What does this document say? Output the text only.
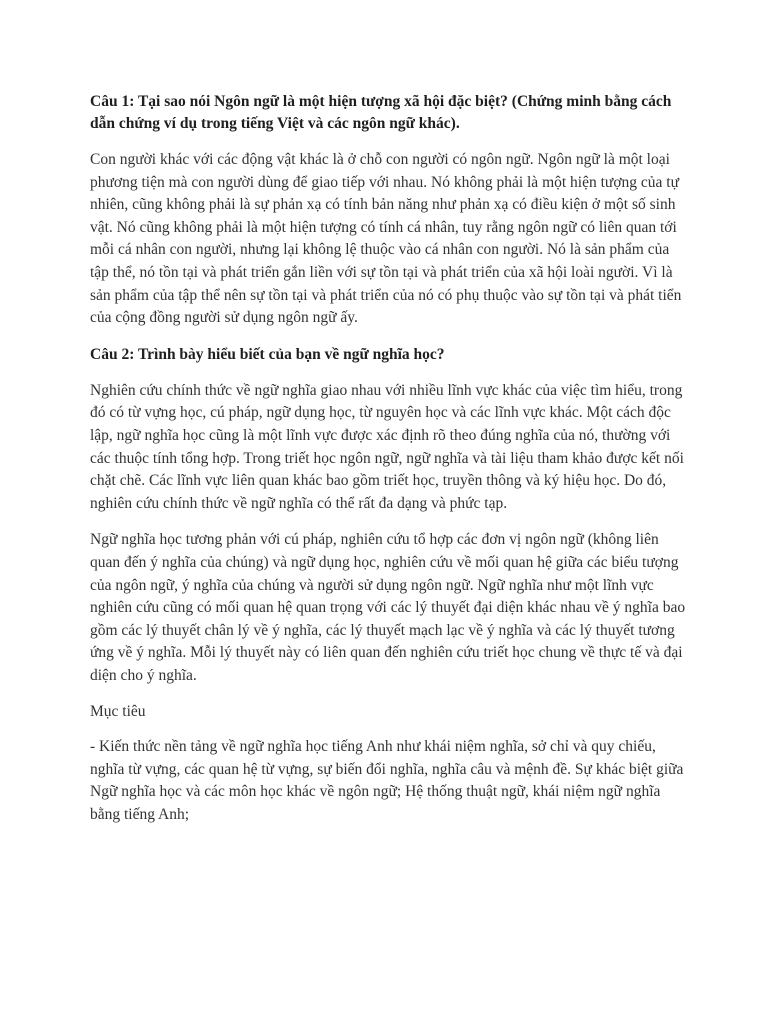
Câu 1: Tại sao nói Ngôn ngữ là một hiện tượng xã hội đặc biệt? (Chứng minh bằng cách dẫn chứng ví dụ trong tiếng Việt và các ngôn ngữ khác).

Con người khác với các động vật khác là ở chỗ con người có ngôn ngữ. Ngôn ngữ là một loại phương tiện mà con người dùng để giao tiếp với nhau. Nó không phải là một hiện tượng của tự nhiên, cũng không phải là sự phản xạ có tính bản năng như phản xạ có điều kiện ở một số sinh vật. Nó cũng không phải là một hiện tượng có tính cá nhân, tuy rằng ngôn ngữ có liên quan tới mỗi cá nhân con người, nhưng lại không lệ thuộc vào cá nhân con người. Nó là sản phẩm của tập thể, nó tồn tại và phát triển gắn liền với sự tồn tại và phát triển của xã hội loài người. Vì là sản phẩm của tập thể nên sự tồn tại và phát triển của nó có phụ thuộc vào sự tồn tại và phát tiển của cộng đồng người sử dụng ngôn ngữ ấy.

Câu 2: Trình bày hiểu biết của bạn về ngữ nghĩa học?

Nghiên cứu chính thức về ngữ nghĩa giao nhau với nhiều lĩnh vực khác của việc tìm hiểu, trong đó có từ vựng học, cú pháp, ngữ dụng học, từ nguyên học và các lĩnh vực khác. Một cách độc lập, ngữ nghĩa học cũng là một lĩnh vực được xác định rõ theo đúng nghĩa của nó, thường với các thuộc tính tổng hợp. Trong triết học ngôn ngữ, ngữ nghĩa và tài liệu tham khảo được kết nối chặt chẽ. Các lĩnh vực liên quan khác bao gồm triết học, truyền thông và ký hiệu học. Do đó, nghiên cứu chính thức về ngữ nghĩa có thể rất đa dạng và phức tạp.

Ngữ nghĩa học tương phản với cú pháp, nghiên cứu tổ hợp các đơn vị ngôn ngữ (không liên quan đến ý nghĩa của chúng) và ngữ dụng học, nghiên cứu về mối quan hệ giữa các biểu tượng của ngôn ngữ, ý nghĩa của chúng và người sử dụng ngôn ngữ. Ngữ nghĩa như một lĩnh vực nghiên cứu cũng có mối quan hệ quan trọng với các lý thuyết đại diện khác nhau về ý nghĩa bao gồm các lý thuyết chân lý về ý nghĩa, các lý thuyết mạch lạc về ý nghĩa và các lý thuyết tương ứng về ý nghĩa. Mỗi lý thuyết này có liên quan đến nghiên cứu triết học chung về thực tế và đại diện cho ý nghĩa.

Mục tiêu

- Kiến thức nền tảng về ngữ nghĩa học tiếng Anh như khái niệm nghĩa, sở chỉ và quy chiếu, nghĩa từ vựng, các quan hệ từ vựng, sự biến đổi nghĩa, nghĩa câu và mệnh đề. Sự khác biệt giữa Ngữ nghĩa học và các môn học khác về ngôn ngữ; Hệ thống thuật ngữ, khái niệm ngữ nghĩa bằng tiếng Anh;
